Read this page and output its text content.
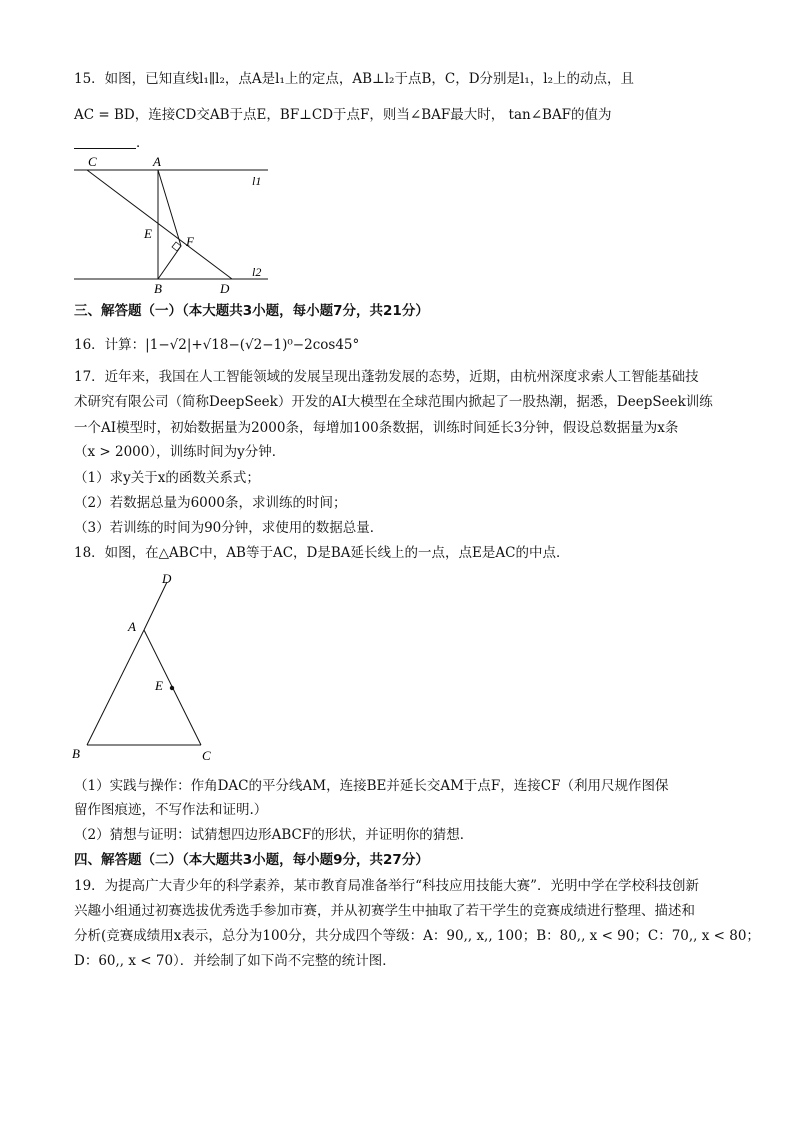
15．如图，已知直线l₁∥l₂，点A是l₁上的定点，AB⊥l₂于点B，C，D分别是l₁，l₂上的动点，且
AC = BD，连接CD交AB于点E，BF⊥CD于点F，则当∠BAF最大时， tan∠BAF的值为
．
C	A
l1
E
F
B	D
l2
三、解答题（一）（本大题共3小题，每小题7分，共21分）
16．计算：|1−√2|+√18−(√2−1)⁰−2cos45°
17．近年来，我国在人工智能领域的发展呈现出蓬勃发展的态势，近期，由杭州深度求索人工智能基础技
术研究有限公司（简称DeepSeek）开发的AI大模型在全球范围内掀起了一股热潮，据悉，DeepSeek训练
一个AI模型时，初始数据量为2000条，每增加100条数据，训练时间延长3分钟，假设总数据量为x条
（x > 2000），训练时间为y分钟．
（1）求y关于x的函数关系式；
（2）若数据总量为6000条，求训练的时间；
（3）若训练的时间为90分钟，求使用的数据总量．
18．如图，在△ABC中，AB等于AC，D是BA延长线上的一点，点E是AC的中点．
D
A
E
B	C
（1）实践与操作：作角DAC的平分线AM，连接BE并延长交AM于点F，连接CF（利用尺规作图保
留作图痕迹，不写作法和证明.）
（2）猜想与证明：试猜想四边形ABCF的形状，并证明你的猜想．
四、解答题（二）（本大题共3小题，每小题9分，共27分）
19．为提高广大青少年的科学素养，某市教育局准备举行“科技应用技能大赛”．光明中学在学校科技创新
兴趣小组通过初赛选拔优秀选手参加市赛，并从初赛学生中抽取了若干学生的竞赛成绩进行整理、描述和
分析(竞赛成绩用x表示，总分为100分，共分成四个等级：A：90,, x,, 100；B：80,, x < 90；C：70,, x < 80；
D：60,, x < 70）．并绘制了如下尚不完整的统计图．
